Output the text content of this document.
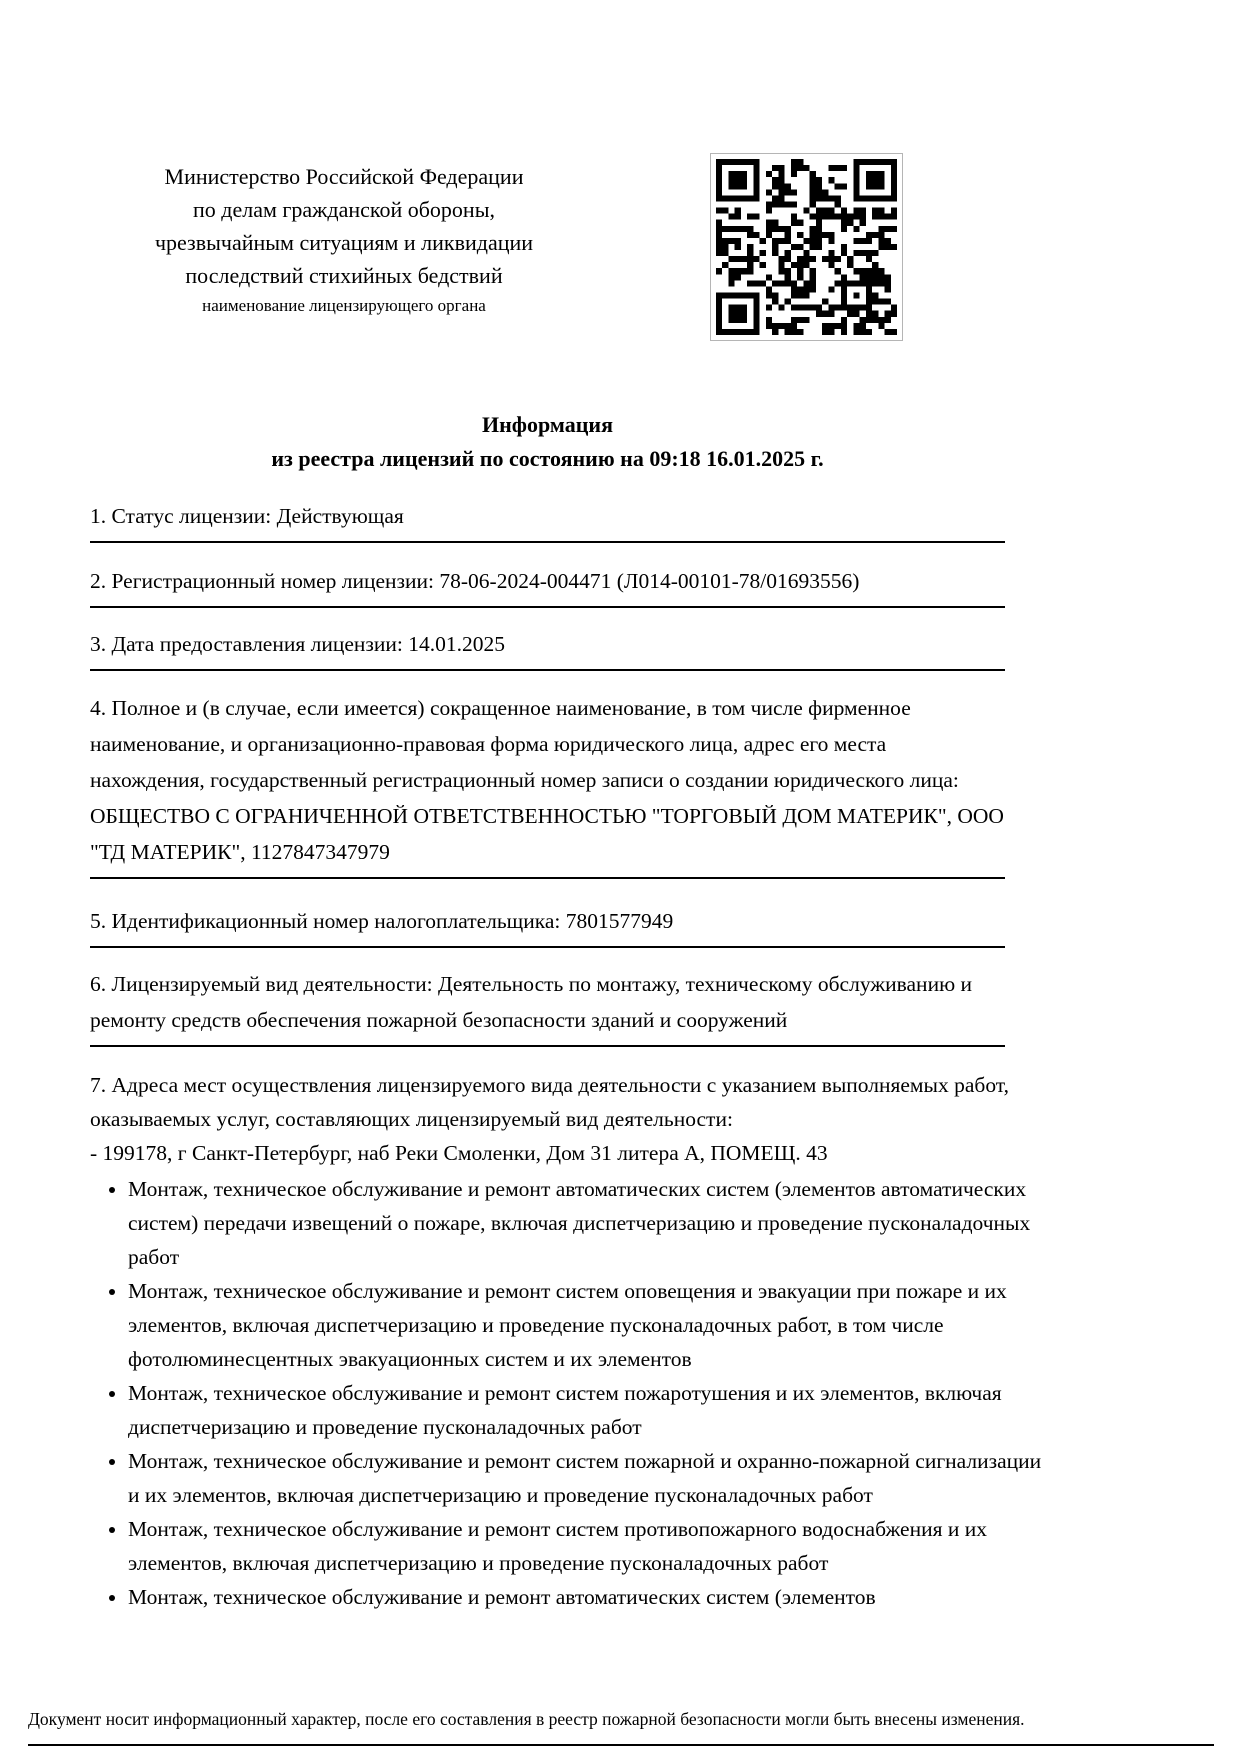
Министерство Российской Федерации
по делам гражданской обороны,
чрезвычайным ситуациям и ликвидации
последствий стихийных бедствий
наименование лицензирующего органа
Информация
из реестра лицензий по состоянию на 09:18 16.01.2025 г.
1. Статус лицензии: Действующая
2. Регистрационный номер лицензии: 78-06-2024-004471 (Л014-00101-78/01693556)
3. Дата предоставления лицензии: 14.01.2025
4. Полное и (в случае, если имеется) сокращенное наименование, в том числе фирменное наименование, и организационно-правовая форма юридического лица, адрес его места нахождения, государственный регистрационный номер записи о создании юридического лица: ОБЩЕСТВО С ОГРАНИЧЕННОЙ ОТВЕТСТВЕННОСТЬЮ "ТОРГОВЫЙ ДОМ МАТЕРИК", ООО "ТД МАТЕРИК", 1127847347979
5. Идентификационный номер налогоплательщика: 7801577949
6. Лицензируемый вид деятельности: Деятельность по монтажу, техническому обслуживанию и ремонту средств обеспечения пожарной безопасности зданий и сооружений
7. Адреса мест осуществления лицензируемого вида деятельности с указанием выполняемых работ, оказываемых услуг, составляющих лицензируемый вид деятельности:
- 199178, г Санкт-Петербург, наб Реки Смоленки, Дом 31 литера А, ПОМЕЩ. 43
• Монтаж, техническое обслуживание и ремонт автоматических систем (элементов автоматических систем) передачи извещений о пожаре, включая диспетчеризацию и проведение пусконаладочных работ
• Монтаж, техническое обслуживание и ремонт систем оповещения и эвакуации при пожаре и их элементов, включая диспетчеризацию и проведение пусконаладочных работ, в том числе фотолюминесцентных эвакуационных систем и их элементов
• Монтаж, техническое обслуживание и ремонт систем пожаротушения и их элементов, включая диспетчеризацию и проведение пусконаладочных работ
• Монтаж, техническое обслуживание и ремонт систем пожарной и охранно-пожарной сигнализации и их элементов, включая диспетчеризацию и проведение пусконаладочных работ
• Монтаж, техническое обслуживание и ремонт систем противопожарного водоснабжения и их элементов, включая диспетчеризацию и проведение пусконаладочных работ
• Монтаж, техническое обслуживание и ремонт автоматических систем (элементов
Документ носит информационный характер, после его составления в реестр пожарной безопасности могли быть внесены изменения.
